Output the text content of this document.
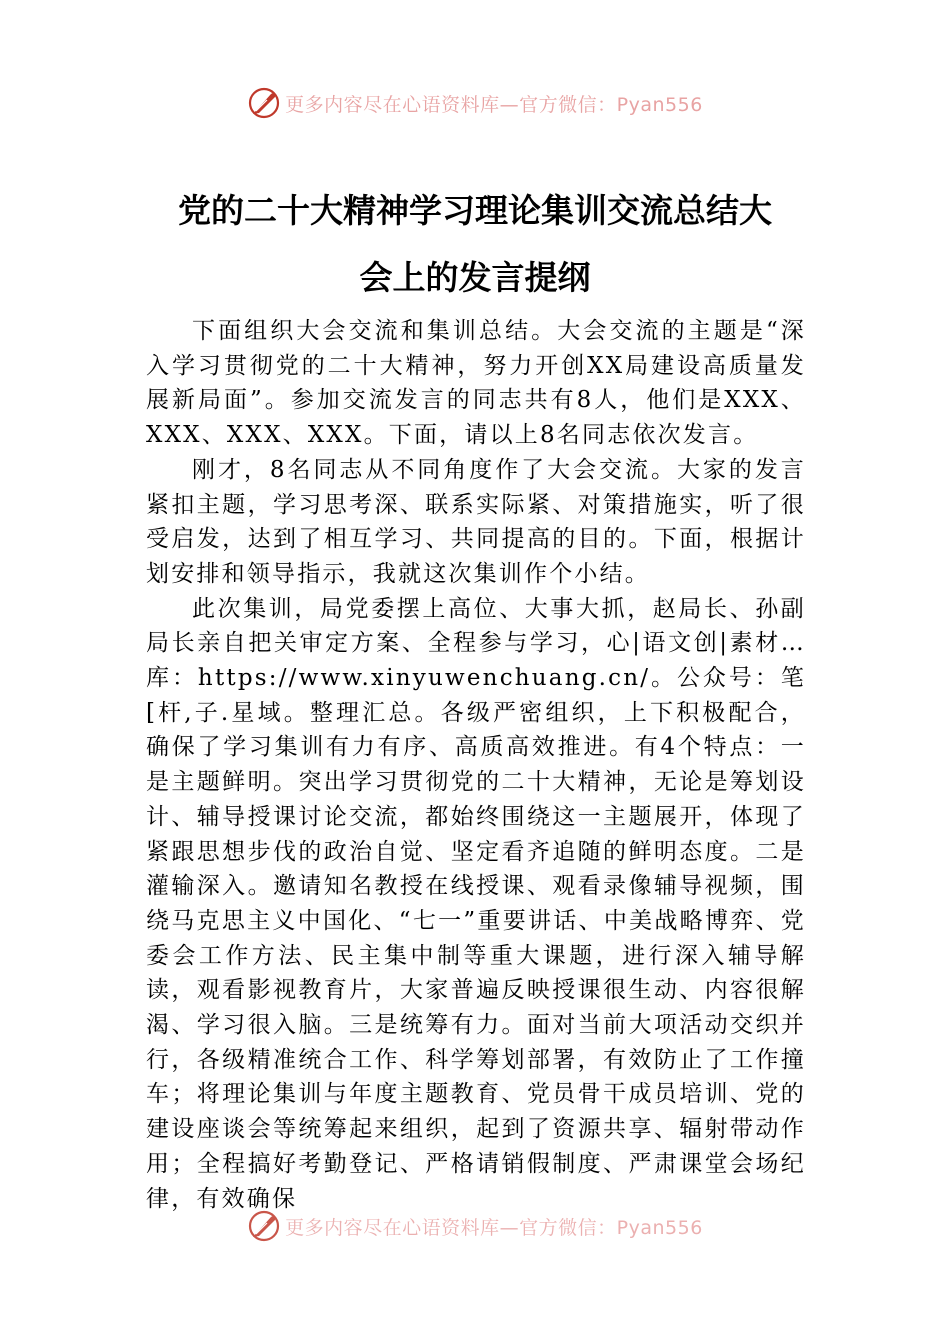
更多内容尽在心语资料库—官方微信：Pyan556
党的二十大精神学习理论集训交流总结大
会上的发言提纲

下面组织大会交流和集训总结。大会交流的主题是“深入学习贯彻党的二十大精神，努力开创XX局建设高质量发展新局面”。参加交流发言的同志共有8人，他们是XXX、XXX、XXX、XXX。下面，请以上8名同志依次发言。

刚才，8名同志从不同角度作了大会交流。大家的发言紧扣主题，学习思考深、联系实际紧、对策措施实，听了很受启发，达到了相互学习、共同提高的目的。下面，根据计划安排和领导指示，我就这次集训作个小结。

此次集训，局党委摆上高位、大事大抓，赵局长、孙副局长亲自把关审定方案、全程参与学习，心|语文创|素材…库：https://www.xinyuwenchuang.cn/。公众号：笔[杆,子.星域。整理汇总。各级严密组织，上下积极配合，确保了学习集训有力有序、高质高效推进。有4个特点：一是主题鲜明。突出学习贯彻党的二十大精神，无论是筹划设计、辅导授课讨论交流，都始终围绕这一主题展开，体现了紧跟思想步伐的政治自觉、坚定看齐追随的鲜明态度。二是灌输深入。邀请知名教授在线授课、观看录像辅导视频，围绕马克思主义中国化、“七一”重要讲话、中美战略博弈、党委会工作方法、民主集中制等重大课题，进行深入辅导解读，观看影视教育片，大家普遍反映授课很生动、内容很解渴、学习很入脑。三是统筹有力。面对当前大项活动交织并行，各级精准统合工作、科学筹划部署，有效防止了工作撞车；将理论集训与年度主题教育、党员骨干成员培训、党的建设座谈会等统筹起来组织，起到了资源共享、辐射带动作用；全程搞好考勤登记、严格请销假制度、严肃课堂会场纪律，有效确保

更多内容尽在心语资料库—官方微信：Pyan556
